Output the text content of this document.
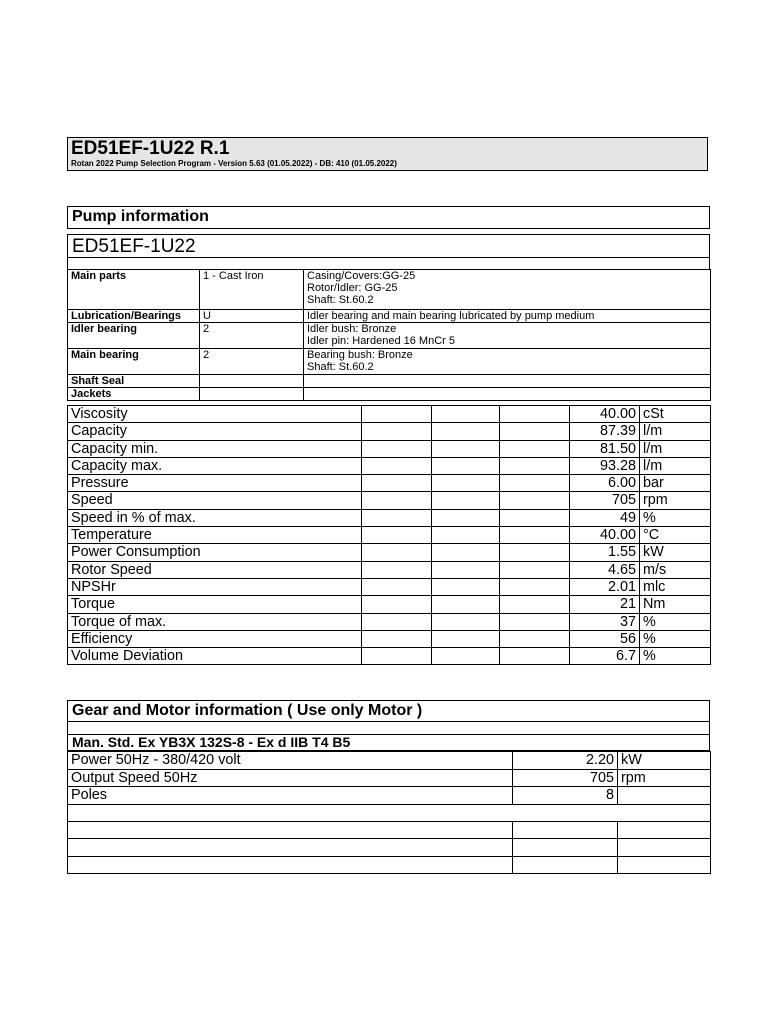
ED51EF-1U22 R.1
Rotan 2022 Pump Selection Program - Version 5.63 (01.05.2022) - DB: 410 (01.05.2022)
Pump information
ED51EF-1U22
Main parts	1 - Cast Iron	Casing/Covers:GG-25
Rotor/Idler: GG-25
Shaft: St.60.2

Lubrication/Bearings	U	Idler bearing and main bearing lubricated by pump medium

Idler bearing	2	Idler bush: Bronze
Idler pin: Hardened 16 MnCr 5

Main bearing	2	Bearing bush: Bronze
Shaft: St.60.2

Shaft Seal		
Jackets		
Viscosity				40.00	cSt
Capacity				87.39	l/m
Capacity min.				81.50	l/m
Capacity max.				93.28	l/m
Pressure				6.00	bar
Speed				705	rpm
Speed in % of max.				49	%
Temperature				40.00	°C
Power Consumption				1.55	kW
Rotor Speed				4.65	m/s
NPSHr				2.01	mlc
Torque				21	Nm
Torque of max.				37	%
Efficiency				56	%
Volume Deviation				6.7	%
Gear and Motor information ( Use only Motor )
Man. Std. Ex YB3X 132S-8 - Ex d IIB T4 B5
Power 50Hz - 380/420 volt	2.20	kW
Output Speed 50Hz	705	rpm
Poles	8	
